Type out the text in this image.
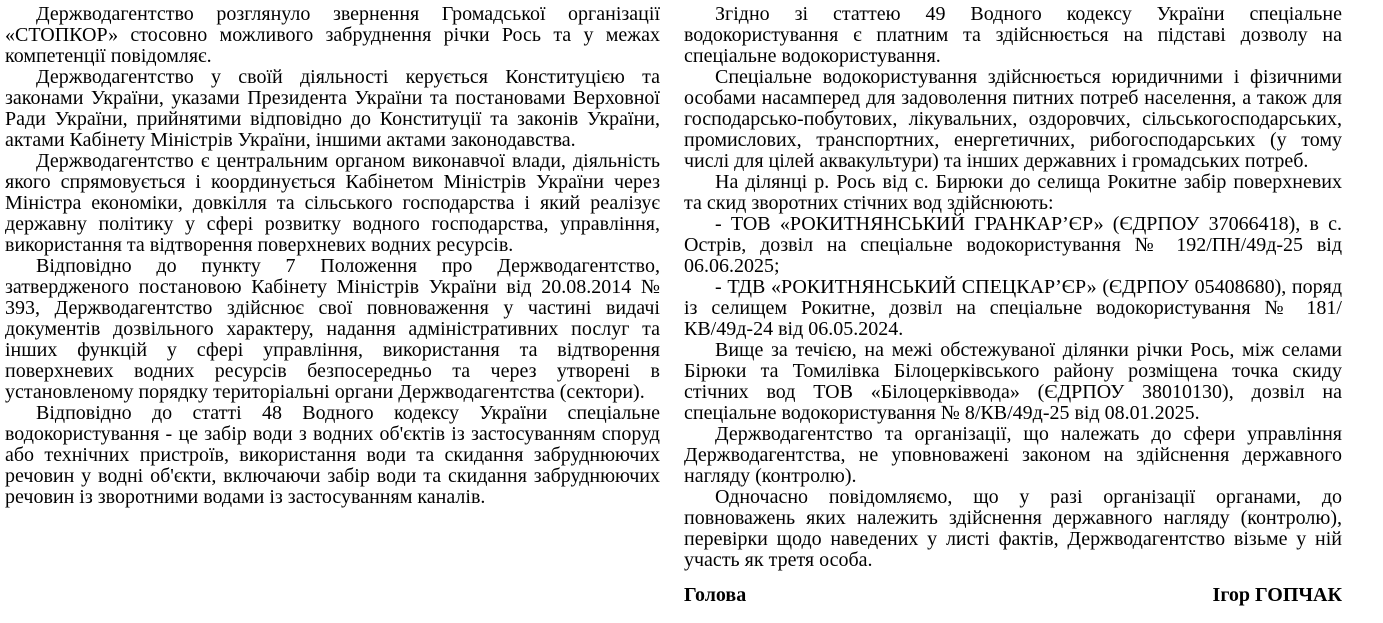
Держводагентство розглянуло звернення Громадської організації «СТОПКОР» стосовно можливого забруднення річки Рось та у межах компетенції повідомляє.

Держводагентство у своїй діяльності керується Конституцією та законами України, указами Президента України та постановами Верховної Ради України, прийнятими відповідно до Конституції та законів України, актами Кабінету Міністрів України, іншими актами законодавства.

Держводагентство є центральним органом виконавчої влади, діяльність якого спрямовується і координується Кабінетом Міністрів України через Міністра економіки, довкілля та сільського господарства і який реалізує державну політику у сфері розвитку водного господарства, управління, використання та відтворення поверхневих водних ресурсів.

Відповідно до пункту 7 Положення про Держводагентство, затвердженого постановою Кабінету Міністрів України від 20.08.2014 № 393, Держводагентство здійснює свої повноваження у частині видачі документів дозвільного характеру, надання адміністративних послуг та інших функцій у сфері управління, використання та відтворення поверхневих водних ресурсів безпосередньо та через утворені в установленому порядку територіальні органи Держводагентства (сектори).

Відповідно до статті 48 Водного кодексу України спеціальне водокористування - це забір води з водних об'єктів із застосуванням споруд або технічних пристроїв, використання води та скидання забруднюючих речовин у водні об'єкти, включаючи забір води та скидання забруднюючих речовин із зворотними водами із застосуванням каналів.

Згідно зі статтею 49 Водного кодексу України спеціальне водокористування є платним та здійснюється на підставі дозволу на спеціальне водокористування.

Спеціальне водокористування здійснюється юридичними і фізичними особами насамперед для задоволення питних потреб населення, а також для господарсько-побутових, лікувальних, оздоровчих, сільськогосподарських, промислових, транспортних, енергетичних, рибогосподарських (у тому числі для цілей аквакультури) та інших державних і громадських потреб.

На ділянці р. Рось від с. Бирюки до селища Рокитне забір поверхневих та скид зворотних стічних вод здійснюють:

- ТОВ «РОКИТНЯНСЬКИЙ ГРАНКАР’ЄР» (ЄДРПОУ 37066418), в с. Острів, дозвіл на спеціальне водокористування № 192/ПН/49д-25 від 06.06.2025;

- ТДВ «РОКИТНЯНСЬКИЙ СПЕЦКАР’ЄР» (ЄДРПОУ 05408680), поряд із селищем Рокитне, дозвіл на спеціальне водокористування № 181/КВ/49д-24 від 06.05.2024.

Вище за течією, на межі обстежуваної ділянки річки Рось, між селами Бірюки та Томилівка Білоцерківського району розміщена точка скиду стічних вод ТОВ «Білоцерківвода» (ЄДРПОУ 38010130), дозвіл на спеціальне водокористування № 8/КВ/49д-25 від 08.01.2025.

Держводагентство та організації, що належать до сфери управління Держводагентства, не уповноважені законом на здійснення державного нагляду (контролю).

Одночасно повідомляємо, що у разі організації органами, до повноважень яких належить здійснення державного нагляду (контролю), перевірки щодо наведених у листі фактів, Держводагентство візьме у ній участь як третя особа.

Голова	Ігор ГОПЧАК
